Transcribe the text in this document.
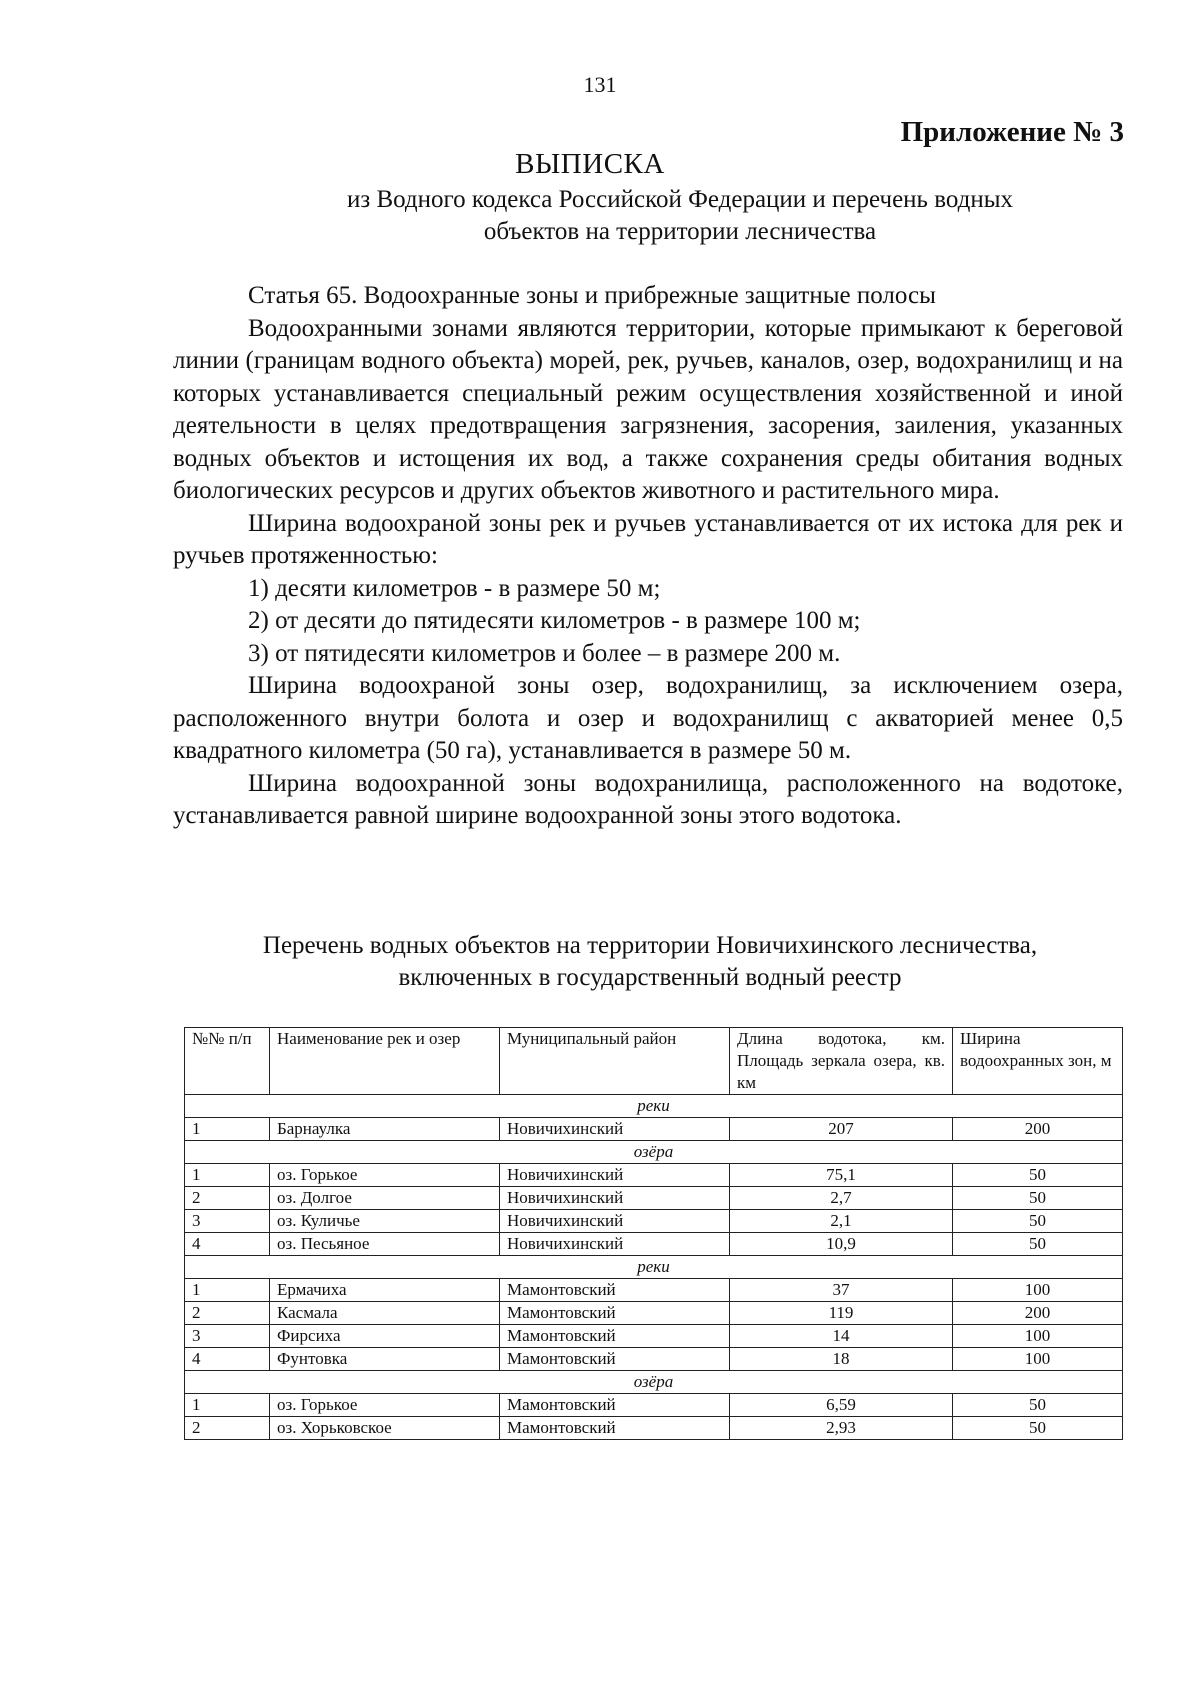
131
Приложение № 3
ВЫПИСКА
из Водного кодекса Российской Федерации и перечень водных
объектов на территории лесничества

Статья 65. Водоохранные зоны и прибрежные защитные полосы

Водоохранными зонами являются территории, которые примыкают к береговой линии (границам водного объекта) морей, рек, ручьев, каналов, озер, водохранилищ и на которых устанавливается специальный режим осуществления хозяйственной и иной деятельности в целях предотвращения загрязнения, засорения, заиления, указанных водных объектов и истощения их вод, а также сохранения среды обитания водных биологических ресурсов и других объектов животного и растительного мира.

Ширина водоохраной зоны рек и ручьев устанавливается от их истока для рек и ручьев протяженностью:

1) десяти километров - в размере 50 м;

2) от десяти до пятидесяти километров - в размере 100 м;

3) от пятидесяти километров и более – в размере 200 м.

Ширина водоохраной зоны озер, водохранилищ, за исключением озера, расположенного внутри болота и озер и водохранилищ с акваторией менее 0,5 квадратного километра (50 га), устанавливается в размере 50 м.

Ширина водоохранной зоны водохранилища, расположенного на водотоке, устанавливается равной ширине водоохранной зоны этого водотока.

Перечень водных объектов на территории Новичихинского лесничества,
включенных в государственный водный реестр
№№ п/п	Наименование рек и озер	Муниципальный район	Длина водотока, км. Площадь зеркала озера, кв. км	Ширина водоохранных зон, м
реки				
1	Барнаулка	Новичихинский	207	200
озёра				
1	оз. Горькое	Новичихинский	75,1	50
2	оз. Долгое	Новичихинский	2,7	50
3	оз. Куличье	Новичихинский	2,1	50
4	оз. Песьяное	Новичихинский	10,9	50
реки				
1	Ермачиха	Мамонтовский	37	100
2	Касмала	Мамонтовский	119	200
3	Фирсиха	Мамонтовский	14	100
4	Фунтовка	Мамонтовский	18	100
озёра				
1	оз. Горькое	Мамонтовский	6,59	50
2	оз. Хорьковское	Мамонтовский	2,93	50
